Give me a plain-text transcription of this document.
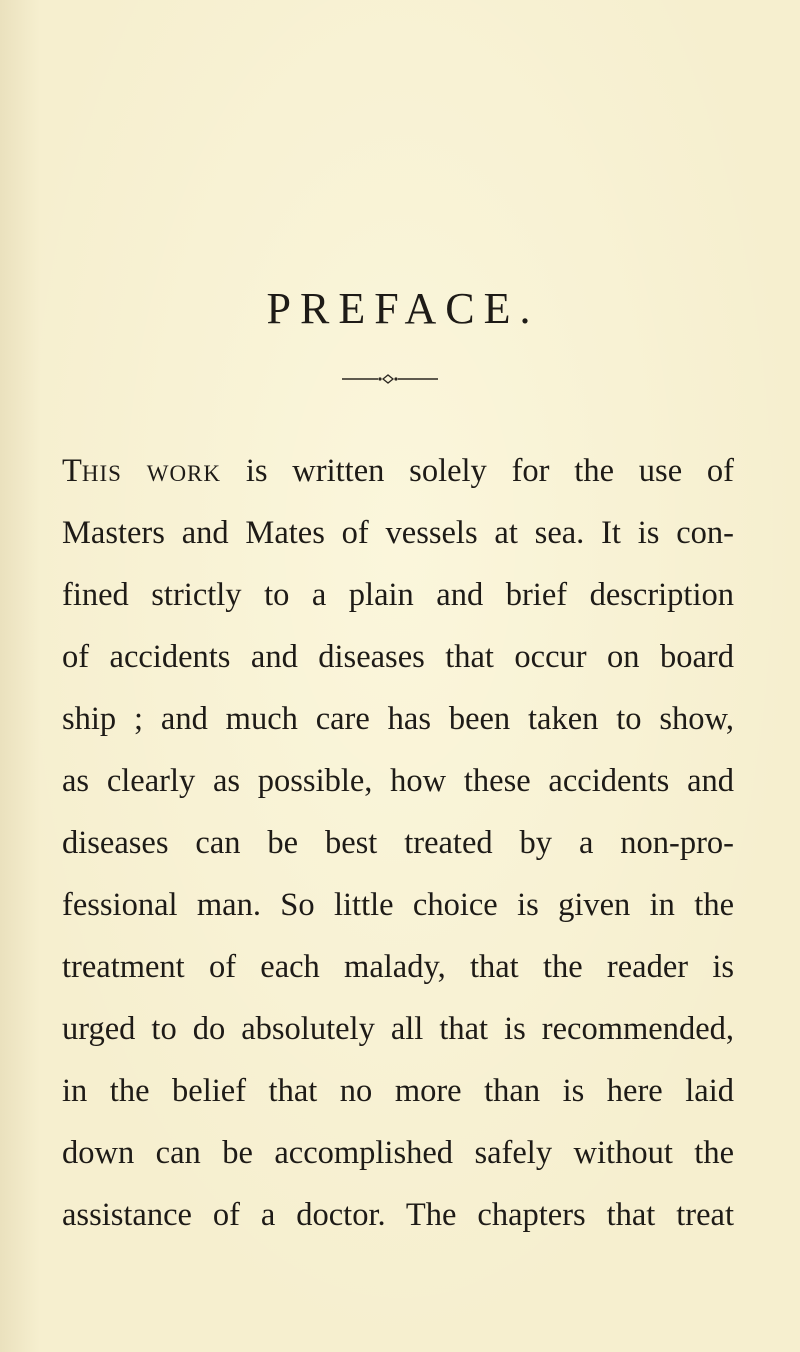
PREFACE.
THIS WORK is written solely for the use of
Masters and Mates of vessels at sea. It is con-
fined strictly to a plain and brief description
of accidents and diseases that occur on board
ship ; and much care has been taken to show,
as clearly as possible, how these accidents and
diseases can be best treated by a non-pro-
fessional man. So little choice is given in the
treatment of each malady, that the reader is
urged to do absolutely all that is recommended,
in the belief that no more than is here laid
down can be accomplished safely without the
assistance of a doctor. The chapters that treat
